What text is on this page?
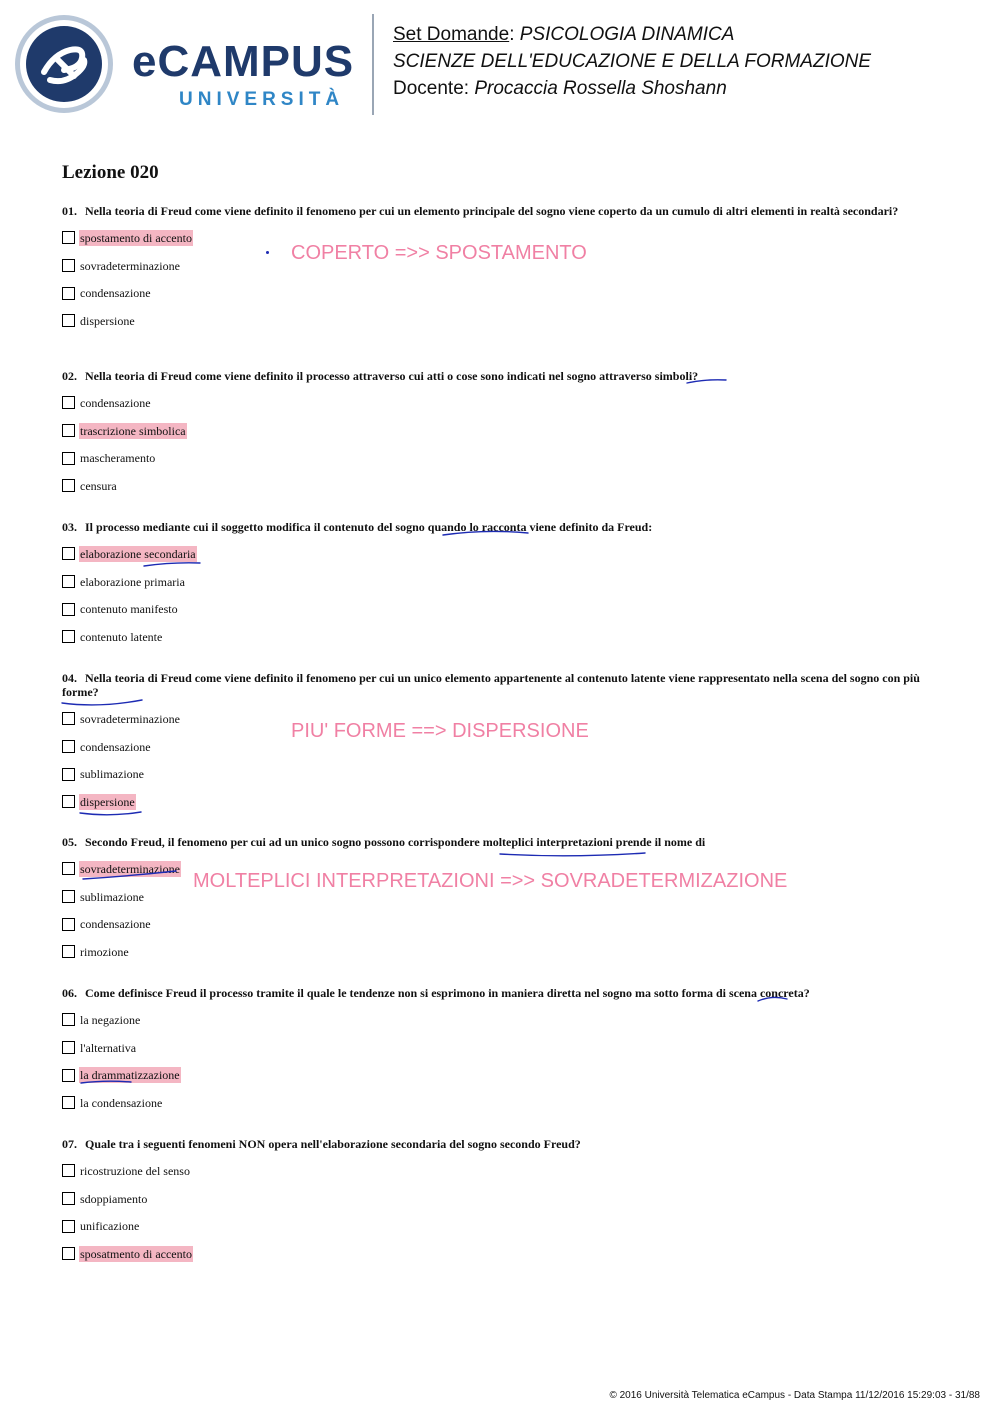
eCAMPUS
UNIVERSITÀ
Set Domande: PSICOLOGIA DINAMICA
SCIENZE DELL'EDUCAZIONE E DELLA FORMAZIONE
Docente: Procaccia Rossella Shoshann
Lezione 020
01. Nella teoria di Freud come viene definito il fenomeno per cui un elemento principale del sogno viene coperto da un cumulo di altri elementi in realtà secondari?
spostamento di accento
sovradeterminazione
condensazione
dispersione
02. Nella teoria di Freud come viene definito il processo attraverso cui atti o cose sono indicati nel sogno attraverso simboli?
condensazione
trascrizione simbolica
mascheramento
censura
03. Il processo mediante cui il soggetto modifica il contenuto del sogno quando lo racconta viene definito da Freud:
elaborazione secondaria
elaborazione primaria
contenuto manifesto
contenuto latente
04. Nella teoria di Freud come viene definito il fenomeno per cui un unico elemento appartenente al contenuto latente viene rappresentato nella scena del sogno con più forme?
sovradeterminazione
condensazione
sublimazione
dispersione
05. Secondo Freud, il fenomeno per cui ad un unico sogno possono corrispondere molteplici interpretazioni prende il nome di
sovradeterminazione
sublimazione
condensazione
rimozione
06. Come definisce Freud il processo tramite il quale le tendenze non si esprimono in maniera diretta nel sogno ma sotto forma di scena concreta?
la negazione
l'alternativa
la drammatizzazione
la condensazione
07. Quale tra i seguenti fenomeni NON opera nell'elaborazione secondaria del sogno secondo Freud?
ricostruzione del senso
sdoppiamento
unificazione
sposatmento di accento
COPERTO =>> SPOSTAMENTO
PIU' FORME ==> DISPERSIONE
MOLTEPLICI INTERPRETAZIONI =>> SOVRADETERMIZAZIONE
© 2016 Università Telematica eCampus - Data Stampa 11/12/2016 15:29:03 - 31/88
